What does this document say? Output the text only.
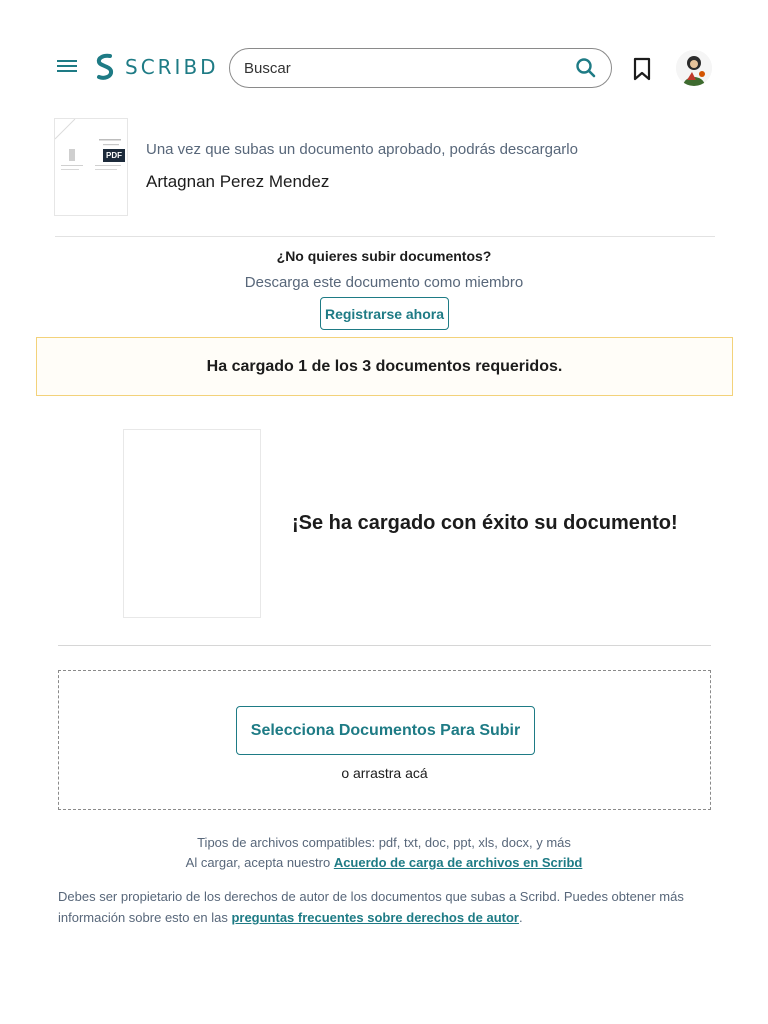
SCRIBD
Buscar
PDF Una vez que subas un documento aprobado, podrás descargarlo
Artagnan Perez Mendez
¿No quieres subir documentos?
Descarga este documento como miembro
Registrarse ahora
Ha cargado 1 de los 3 documentos requeridos.
¡Se ha cargado con éxito su documento!
Selecciona Documentos Para Subir
o arrastra acá
Tipos de archivos compatibles: pdf, txt, doc, ppt, xls, docx, y más
Al cargar, acepta nuestro Acuerdo de carga de archivos en Scribd
Debes ser propietario de los derechos de autor de los documentos que subas a Scribd. Puedes obtener más información sobre esto en las preguntas frecuentes sobre derechos de autor.
